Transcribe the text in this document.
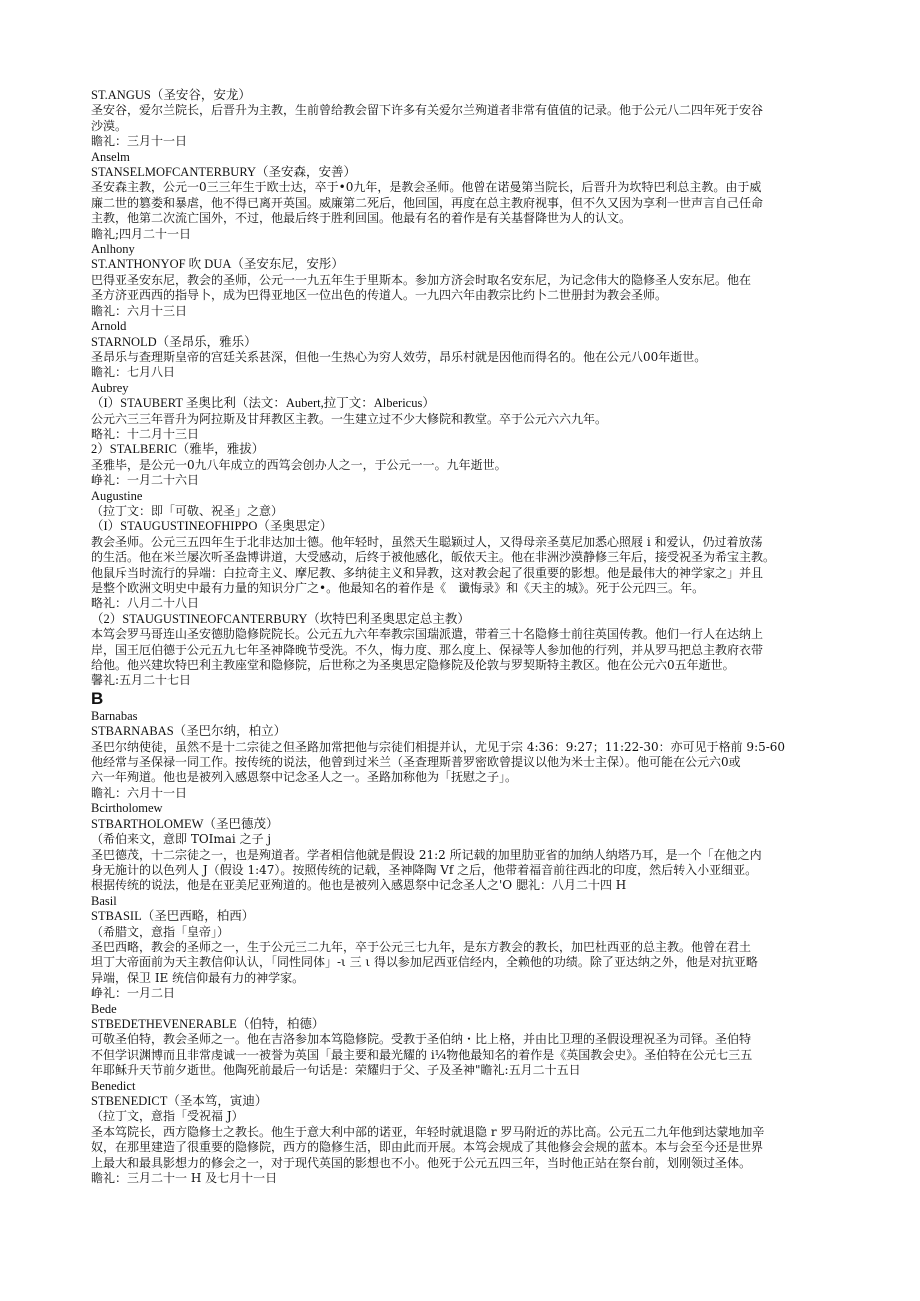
ST.ANGUS（圣安谷，安龙）
圣安谷，爱尔兰院长，后晋升为主教，生前曾给教会留下许多有关爱尔兰殉道者非常有值值的记录。他于公元八二四年死于安谷
沙漠。
瞻礼：三月十一日
Anselm
STANSELMOFCANTERBURY（圣安森，安善）
圣安森主教，公元一0三三年生于欧士达，卒于•0九年，是教会圣师。他曾在诺曼第当院长，后晋升为坎特巴利总主教。由于威
廉二世的篡娄和暴虐，他不得已离开英国。威廉第二死后，他回国，再度在总主教府视事，但不久又因为享利一世声言自己任命
主教，他第二次流亡国外，不过，他最后终于胜利回国。他最有名的着作是有关基督降世为人的认文。
瞻礼;四月二十一日
Anlhony
ST.ANTHONYOF 吹 DUA（圣安东尼，安彤）
巴得亚圣安东尼，教会的圣师，公元一一九五年生于里斯本。参加方济会时取名安东尼，为记念伟大的隐修圣人安东尼。他在
圣方济亚西西的指导卜，成为巴得亚地区一位出色的传道人。一九四六年由教宗比约卜二世册封为教会圣师。
瞻礼：六月十三日
Arnold
STARNOLD（圣昂乐，雅乐）
圣昂乐与查理斯皇帝的宫廷关系甚深，但他一生热心为穷人效劳，昂乐村就是因他而得名的。他在公元八00年逝世。
瞻礼：七月八日
Aubrey
（I）STAUBERT 圣奥比利（法文：Aubert,拉丁文：Albericus）
公元六三三年晋升为阿拉斯及甘拜教区主教。一生建立过不少大修院和教堂。卒于公元六六九年。
略礼：十二月十三日
2）STALBERIC（雅毕，雅拔）
圣雅毕，是公元一0九八年成立的西笃会创办人之一，于公元一一。九年逝世。
峥礼：一月二十六日
Augustine
（拉丁文：即「可敬、祝圣」之意）
（I）STAUGUSTINEOFHIPPO（圣奥思定）
教会圣师。公元三五四年生于北非达加士德。他年轻时，虽然天生聪颖过人，又得母亲圣莫尼加悉心照屐 i 和爱认，仍过着放荡
的生活。他在米兰屡次听圣盎博讲道，大受感动，后终于被他感化，皈依天主。他在非洲沙漠静修三年后，接受祝圣为希宝主教。
他鼠斥当时流行的异端：白拉奇主义、摩尼教、多纳徒主义和异教，这对教会起了很重要的影想。他是最伟大的神学家之」并且
是整个欧洲文明史中最有力量的知识分广之•。他最知名的着作是《　谶悔录》和《天主的城》。死于公元四三。年。
略礼：八月二十八日
（2）STAUGUSTINEOFCANTERBURY（坎特巴利圣奥思定总主教）
本笃会罗马哥连山圣安德肋隐修院院长。公元五九六年奉教宗国瑞派遣，带着三十名隐修士前往英国传教。他们一行人在达纳上
岸，国王厄伯德于公元五九七年圣神降晚节受洗。不久，悔力度、那么度上、保禄等人参加他的行列，并从罗马把总主教府衣带
给他。他兴建坎特巴利主教座堂和隐修院，后世称之为圣奥思定隐修院及伦敦与罗契斯特主教区。他在公元六0五年逝世。
馨礼:五月二十七日
B
Barnabas
STBARNABAS（圣巴尔纳，柏立）
圣巴尔纳使徒，虽然不是十二宗徒之但圣路加常把他与宗徒们相提并认，尤见于宗 4:36：9:27；11:22-30：亦可见于格前 9:5-60
他经常与圣保禄一同工作。按传统的说法，他曾到过米兰（圣查理斯普罗密欧曾提议以他为米士主保）。他可能在公元六0或
六一年殉道。他也是被列入感恩祭中记念圣人之一。圣路加称他为「抚慰之子」。
瞻礼：六月十一日
Bcirtholomew
STBARTHOLOMEW（圣巴德茂）
（希伯来文，意即 TOImai 之子 j
圣巴德茂，十二宗徒之一，也是殉道者。学者相信他就是假设 21:2 所记载的加里肋亚省的加纳人纳塔乃耳，是一个「在他之内
身无施计的以色列人 J（假设 1:47）。按照传统的记载，圣神降陶 Vf 之后，他带着福音前往西北的印度，然后转入小亚细亚。
根据传统的说法，他是在亚美尼亚殉道的。他也是被列入感恩祭中记念圣人之'O 腮礼：八月二十四 H
Basil
STBASIL（圣巴西略，柏西）
（希腊文，意指「皇帝」）
圣巴西略，教会的圣师之一，生于公元三二九年，卒于公元三七九年，是东方教会的教长，加巴杜西亚的总主教。他曾在君土
坦丁大帝面前为天主教信仰认认，「同性同体」-ι 三 ι 得以参加尼西亚信经内，全赖他的功绩。除了亚达纳之外，他是对抗亚略
异端，保卫 IE 统信仰最有力的神学家。
峥礼：一月二日
Bede
STBEDETHEVENERABLE（伯特，柏德）
可敬圣伯特，教会圣师之一。他在吉洛参加本笃隐修院。受教于圣伯纳・比上格，并由比卫理的圣假设理祝圣为司铎。圣伯特
不但学识渊博而且非常虔诚一一被誉为英国「最主要和最光耀的 i¼物他最知名的着作是《英国教会史》。圣伯特在公元七三五
年耶稣升天节前夕逝世。他陶死前最后一句话是：荣耀归于父、子及圣神"瞻礼:五月二十五日
Benedict
STBENEDICT（圣本笃，寅迪）
（拉丁文，意指「受祝福 J）
圣本笃院长，西方隐修士之教长。他生于意大利中部的诺亚，年轻时就退隐 r 罗马附近的苏比高。公元五二九年他到达蒙地加辛
奴，在那里建造了很重要的隐修院，西方的隐修生活，即由此而开展。本笃会规成了其他修会会规的蓝本。本与会至今还是世界
上最大和最具影想力的修会之一，对于现代英国的影想也不小。他死于公元五四三年，当时他正站在祭台前，划刚领过圣体。
瞻礼：三月二十一 H 及七月十一日
